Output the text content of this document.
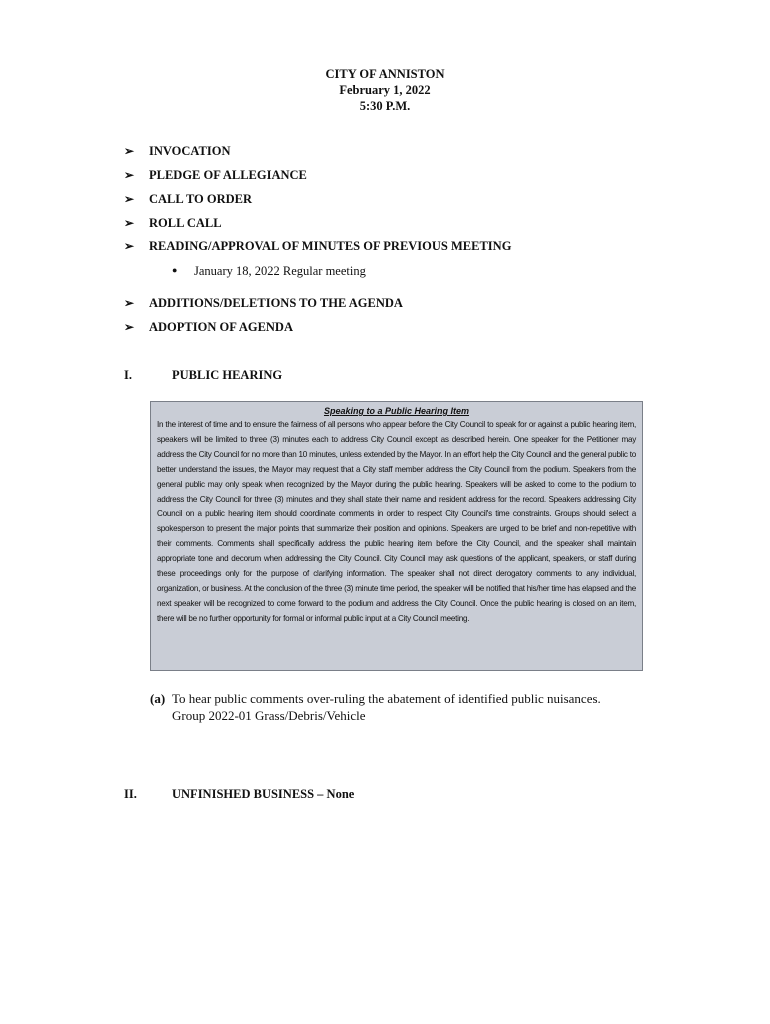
CITY OF ANNISTON
February 1, 2022
5:30 P.M.
➢ INVOCATION
➢ PLEDGE OF ALLEGIANCE
➢ CALL TO ORDER
➢ ROLL CALL
➢ READING/APPROVAL OF MINUTES OF PREVIOUS MEETING
● January 18, 2022 Regular meeting
➢ ADDITIONS/DELETIONS TO THE AGENDA
➢ ADOPTION OF AGENDA
I.	PUBLIC HEARING
Speaking to a Public Hearing Item
In the interest of time and to ensure the fairness of all persons who appear before the City Council to speak for or against a public hearing item, speakers will be limited to three (3) minutes each to address City Council except as described herein. One speaker for the Petitioner may address the City Council for no more than 10 minutes, unless extended by the Mayor. In an effort help the City Council and the general public to better understand the issues, the Mayor may request that a City staff member address the City Council from the podium. Speakers from the general public may only speak when recognized by the Mayor during the public hearing. Speakers will be asked to come to the podium to address the City Council for three (3) minutes and they shall state their name and resident address for the record. Speakers addressing City Council on a public hearing item should coordinate comments in order to respect City Council's time constraints. Groups should select a spokesperson to present the major points that summarize their position and opinions. Speakers are urged to be brief and non-repetitive with their comments. Comments shall specifically address the public hearing item before the City Council, and the speaker shall maintain appropriate tone and decorum when addressing the City Council. City Council may ask questions of the applicant, speakers, or staff during these proceedings only for the purpose of clarifying information. The speaker shall not direct derogatory comments to any individual, organization, or business. At the conclusion of the three (3) minute time period, the speaker will be notified that his/her time has elapsed and the next speaker will be recognized to come forward to the podium and address the City Council. Once the public hearing is closed on an item, there will be no further opportunity for formal or informal public input at a City Council meeting.
(a) To hear public comments over-ruling the abatement of identified public nuisances.
Group 2022-01 Grass/Debris/Vehicle
II.	UNFINISHED BUSINESS – None
